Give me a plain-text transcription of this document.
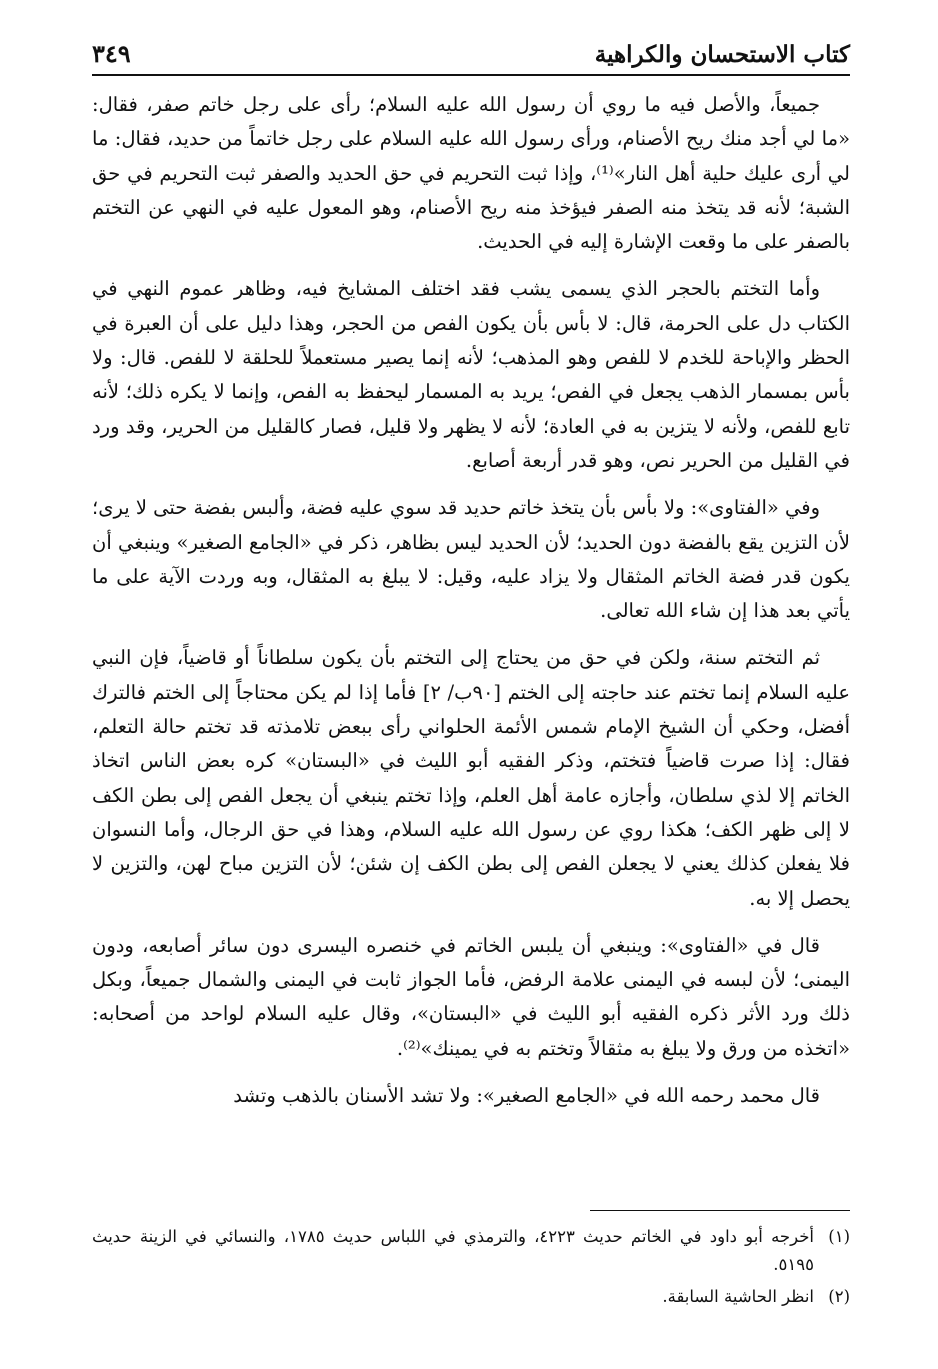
كتاب الاستحسان والكراهية
٣٤٩

جميعاً، والأصل فيه ما روي أن رسول الله عليه السلام؛ رأى على رجل خاتم صفر، فقال: «ما لي أجد منك ريح الأصنام، ورأى رسول الله عليه السلام على رجل خاتماً من حديد، فقال: ما لي أرى عليك حلية أهل النار»⁽¹⁾، وإذا ثبت التحريم في حق الحديد والصفر ثبت التحريم في حق الشبة؛ لأنه قد يتخذ منه الصفر فيؤخذ منه ريح الأصنام، وهو المعول عليه في النهي عن التختم بالصفر على ما وقعت الإشارة إليه في الحديث.

وأما التختم بالحجر الذي يسمى يشب فقد اختلف المشايخ فيه، وظاهر عموم النهي في الكتاب دل على الحرمة، قال: لا بأس بأن يكون الفص من الحجر، وهذا دليل على أن العبرة في الحظر والإباحة للخدم لا للفص وهو المذهب؛ لأنه إنما يصير مستعملاً للحلقة لا للفص. قال: ولا بأس بمسمار الذهب يجعل في الفص؛ يريد به المسمار ليحفظ به الفص، وإنما لا يكره ذلك؛ لأنه تابع للفص، ولأنه لا يتزين به في العادة؛ لأنه لا يظهر ولا قليل، فصار كالقليل من الحرير، وقد ورد في القليل من الحرير نص، وهو قدر أربعة أصابع.

وفي «الفتاوى»: ولا بأس بأن يتخذ خاتم حديد قد سوي عليه فضة، وألبس بفضة حتى لا يرى؛ لأن التزين يقع بالفضة دون الحديد؛ لأن الحديد ليس بظاهر، ذكر في «الجامع الصغير» وينبغي أن يكون قدر فضة الخاتم المثقال ولا يزاد عليه، وقيل: لا يبلغ به المثقال، وبه وردت الآية على ما يأتي بعد هذا إن شاء الله تعالى.

ثم التختم سنة، ولكن في حق من يحتاج إلى التختم بأن يكون سلطاناً أو قاضياً، فإن النبي عليه السلام إنما تختم عند حاجته إلى الختم [٩٠ب/ ٢] فأما إذا لم يكن محتاجاً إلى الختم فالترك أفضل، وحكي أن الشيخ الإمام شمس الأئمة الحلواني رأى ببعض تلامذته قد تختم حالة التعلم، فقال: إذا صرت قاضياً فتختم، وذكر الفقيه أبو الليث في «البستان» كره بعض الناس اتخاذ الخاتم إلا لذي سلطان، وأجازه عامة أهل العلم، وإذا تختم ينبغي أن يجعل الفص إلى بطن الكف لا إلى ظهر الكف؛ هكذا روي عن رسول الله عليه السلام، وهذا في حق الرجال، وأما النسوان فلا يفعلن كذلك يعني لا يجعلن الفص إلى بطن الكف إن شئن؛ لأن التزين مباح لهن، والتزين لا يحصل إلا به.

قال في «الفتاوى»: وينبغي أن يلبس الخاتم في خنصره اليسرى دون سائر أصابعه، ودون اليمنى؛ لأن لبسه في اليمنى علامة الرفض، فأما الجواز ثابت في اليمنى والشمال جميعاً، وبكل ذلك ورد الأثر ذكره الفقيه أبو الليث في «البستان»، وقال عليه السلام لواحد من أصحابه: «اتخذه من ورق ولا يبلغ به مثقالاً وتختم به في يمينك»⁽²⁾.

قال محمد رحمه الله في «الجامع الصغير»: ولا تشد الأسنان بالذهب وتشد

(١)
أخرجه أبو داود في الخاتم حديث ٤٢٢٣، والترمذي في اللباس حديث ١٧٨٥، والنسائي في الزينة حديث ٥١٩٥.
(٢)
انظر الحاشية السابقة.
